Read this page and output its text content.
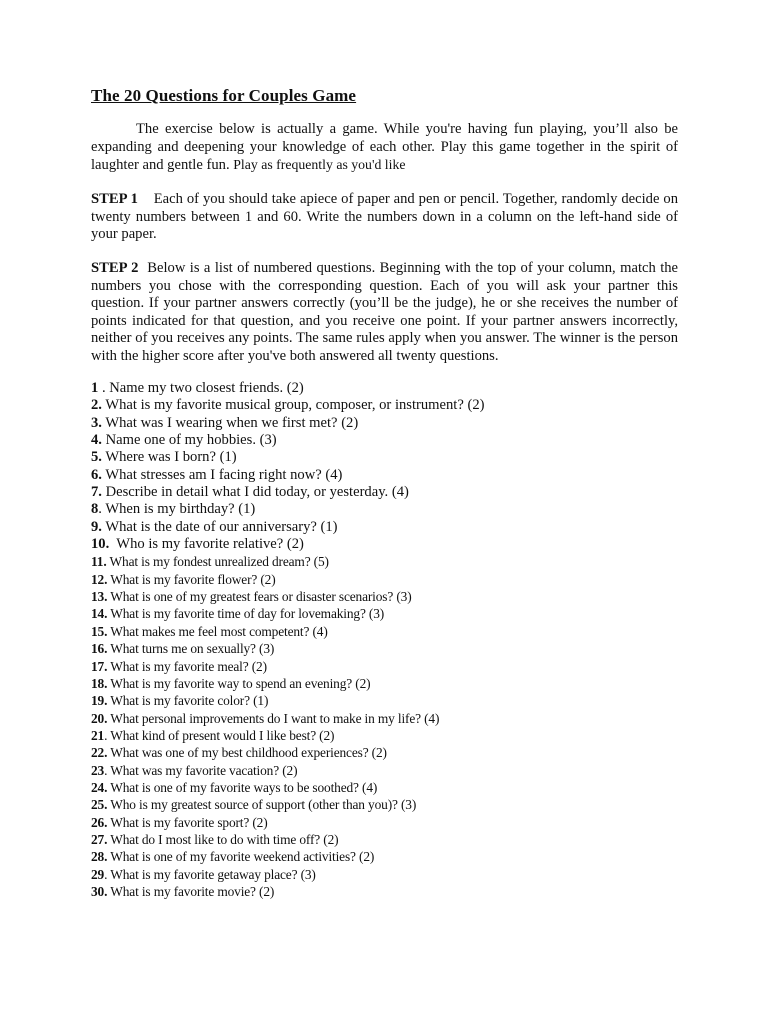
The 20 Questions for Couples Game

The exercise below is actually a game. While you're having fun playing, you’ll also be expanding and deepening your knowledge of each other. Play this game together in the spirit of laughter and gentle fun. Play as frequently as you'd like

STEP 1 Each of you should take apiece of paper and pen or pencil. Together, randomly decide on twenty numbers between 1 and 60. Write the numbers down in a column on the left-hand side of your paper.

STEP 2 Below is a list of numbered questions. Beginning with the top of your column, match the numbers you chose with the corresponding question. Each of you will ask your partner this question. If your partner answers correctly (you’ll be the judge), he or she receives the number of points indicated for that question, and you receive one point. If your partner answers incorrectly, neither of you receives any points. The same rules apply when you answer. The winner is the person with the higher score after you've both answered all twenty questions.

1 . Name my two closest friends. (2)
2. What is my favorite musical group, composer, or instrument? (2)
3. What was I wearing when we first met? (2)
4. Name one of my hobbies. (3)
5. Where was I born? (1)
6. What stresses am I facing right now? (4)
7. Describe in detail what I did today, or yesterday. (4)
8. When is my birthday? (1)
9. What is the date of our anniversary? (1)
10. Who is my favorite relative? (2)
11. What is my fondest unrealized dream? (5)
12. What is my favorite flower? (2)
13. What is one of my greatest fears or disaster scenarios? (3)
14. What is my favorite time of day for lovemaking? (3)
15. What makes me feel most competent? (4)
16. What turns me on sexually? (3)
17. What is my favorite meal? (2)
18. What is my favorite way to spend an evening? (2)
19. What is my favorite color? (1)
20. What personal improvements do I want to make in my life? (4)
21. What kind of present would I like best? (2)
22. What was one of my best childhood experiences? (2)
23. What was my favorite vacation? (2)
24. What is one of my favorite ways to be soothed? (4)
25. Who is my greatest source of support (other than you)? (3)
26. What is my favorite sport? (2)
27. What do I most like to do with time off? (2)
28. What is one of my favorite weekend activities? (2)
29. What is my favorite getaway place? (3)
30. What is my favorite movie? (2)
